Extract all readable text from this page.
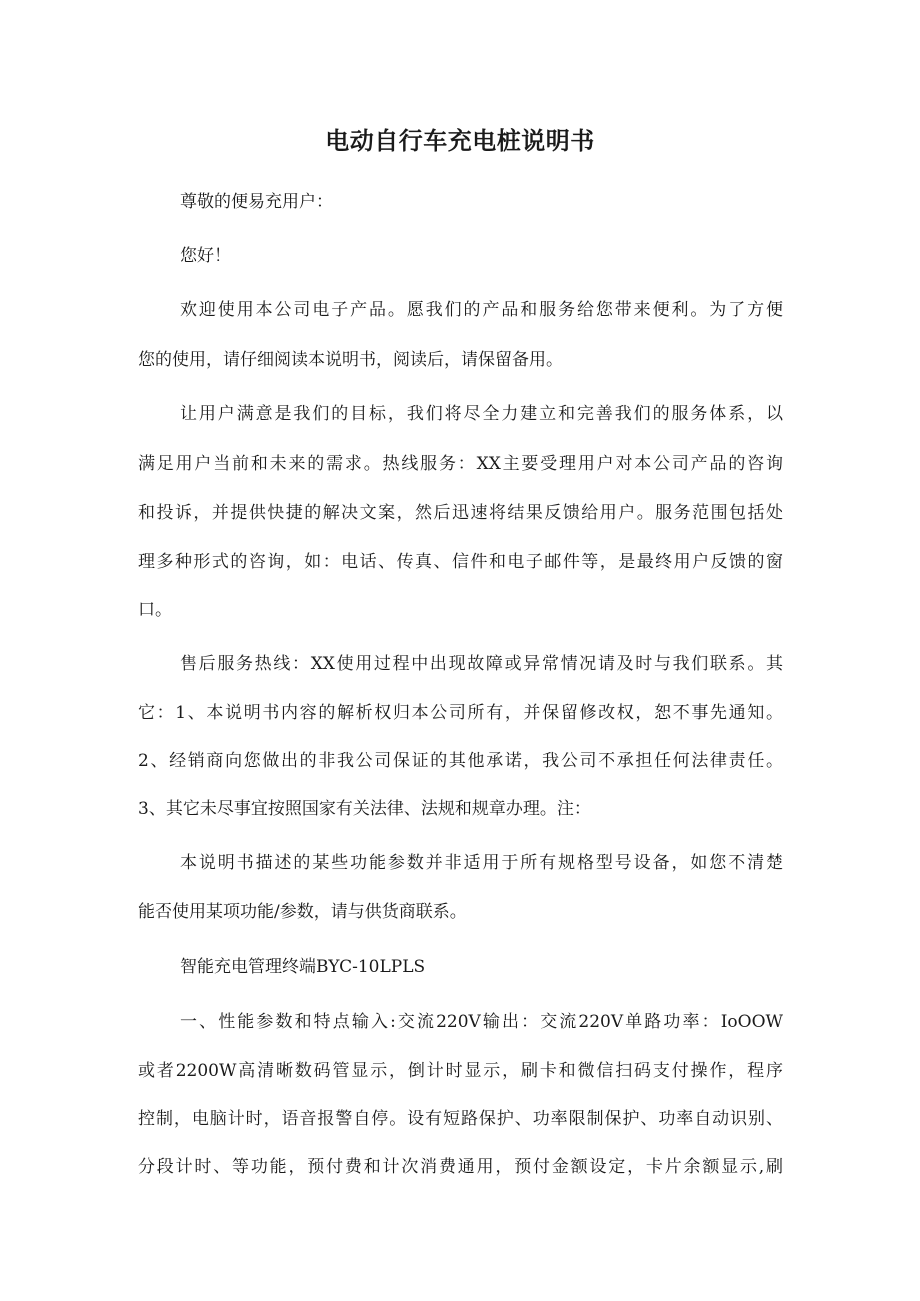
电动自行车充电桩说明书
尊敬的便易充用户：
您好！
欢迎使用本公司电子产品。愿我们的产品和服务给您带来便利。为了方便
您的使用，请仔细阅读本说明书，阅读后，请保留备用。
让用户满意是我们的目标，我们将尽全力建立和完善我们的服务体系，以
满足用户当前和未来的需求。热线服务：XX主要受理用户对本公司产品的咨询
和投诉，并提供快捷的解决文案，然后迅速将结果反馈给用户。服务范围包括处
理多种形式的咨询，如：电话、传真、信件和电子邮件等，是最终用户反馈的窗
口。
售后服务热线：XX使用过程中出现故障或异常情况请及时与我们联系。其
它：1、本说明书内容的解析权归本公司所有，并保留修改权，恕不事先通知。
2、经销商向您做出的非我公司保证的其他承诺，我公司不承担任何法律责任。
3、其它未尽事宜按照国家有关法律、法规和规章办理。注：
本说明书描述的某些功能参数并非适用于所有规格型号设备，如您不清楚
能否使用某项功能/参数，请与供货商联系。
智能充电管理终端BYC-10LPLS
一、性能参数和特点输入:交流220V输出：交流220V单路功率：IoOOW
或者2200W高清晰数码管显示，倒计时显示，刷卡和微信扫码支付操作，程序
控制，电脑计时，语音报警自停。设有短路保护、功率限制保护、功率自动识别、
分段计时、等功能，预付费和计次消费通用，预付金额设定，卡片余额显示,刷
